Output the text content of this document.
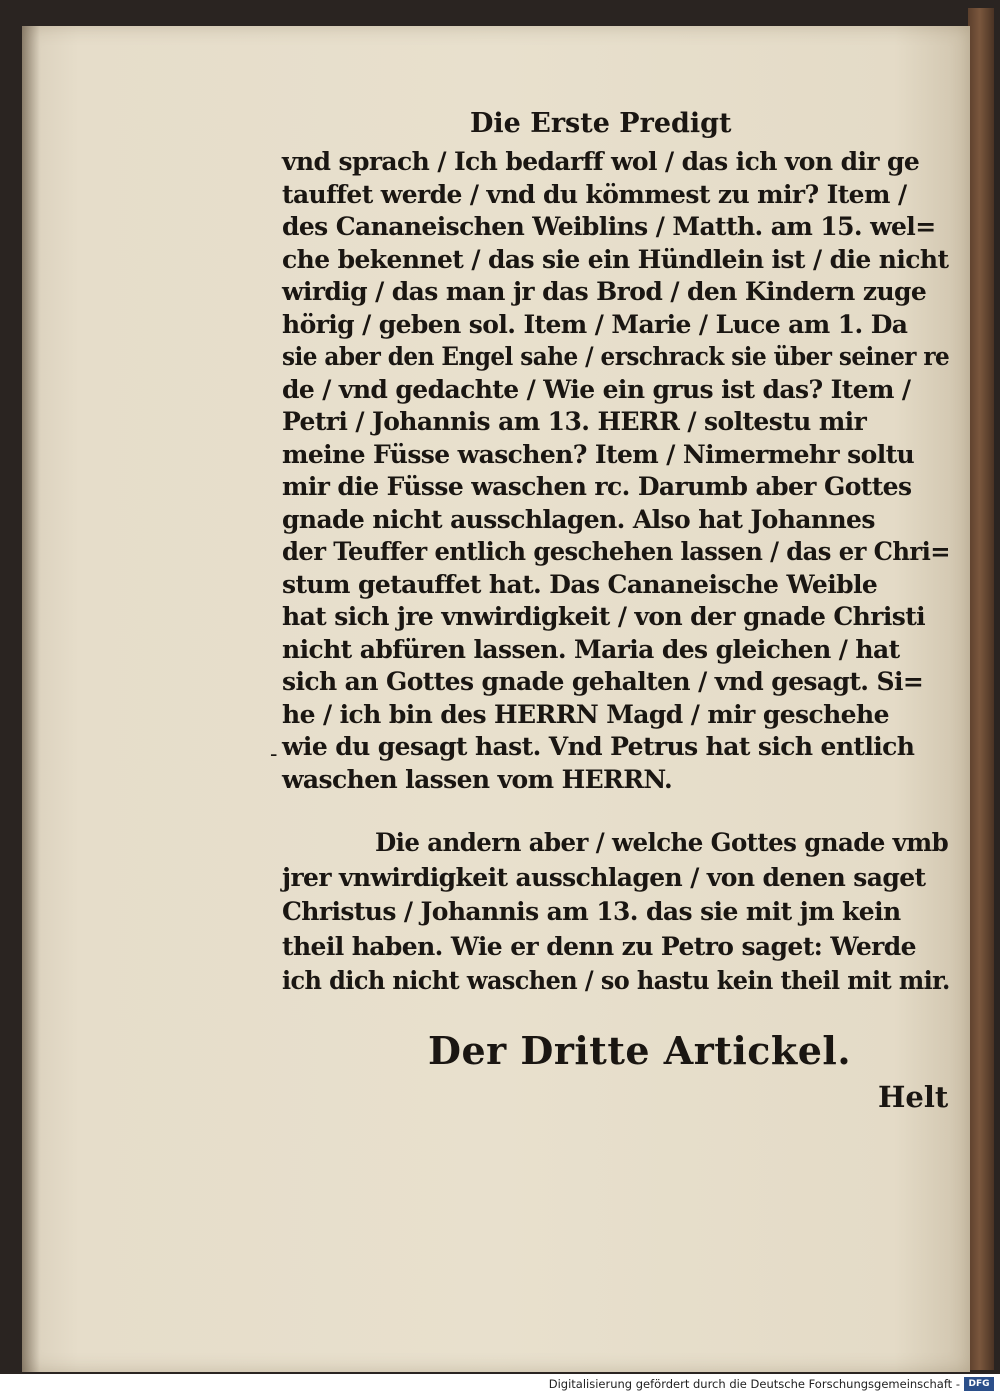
Die Erste Predigt
vnd sprach / Ich bedarff wol / das ich von dir ge
tauffet werde / vnd du kömmest zu mir? Item /
des Cananeischen Weiblins / Matth. am 15. wel=
che bekennet / das sie ein Hündlein ist / die nicht
wirdig / das man jr das Brod / den Kindern zuge
hörig / geben sol. Item / Marie / Luce am 1. Da
sie aber den Engel sahe / erschrack sie über seiner re
de / vnd gedachte / Wie ein grus ist das? Item /
Petri / Johannis am 13. HERR / soltestu mir
meine Füsse waschen? Item / Nimermehr soltu
mir die Füsse waschen rc. Darumb aber Gottes
gnade nicht ausschlagen. Also hat Johannes
der Teuffer entlich geschehen lassen / das er Chri=
stum getauffet hat. Das Cananeische Weible
hat sich jre vnwirdigkeit / von der gnade Christi
nicht abfüren lassen. Maria des gleichen / hat
sich an Gottes gnade gehalten / vnd gesagt. Si=
he / ich bin des HERRN Magd / mir geschehe
wie du gesagt hast. Vnd Petrus hat sich entlich
waschen lassen vom HERRN.
-
Die andern aber / welche Gottes gnade vmb
jrer vnwirdigkeit ausschlagen / von denen saget
Christus / Johannis am 13. das sie mit jm kein
theil haben. Wie er denn zu Petro saget: Werde
ich dich nicht waschen / so hastu kein theil mit mir.
Der Dritte Artickel.
Helt
Digitalisierung gefördert durch die Deutsche Forschungsgemeinschaft - DFG
